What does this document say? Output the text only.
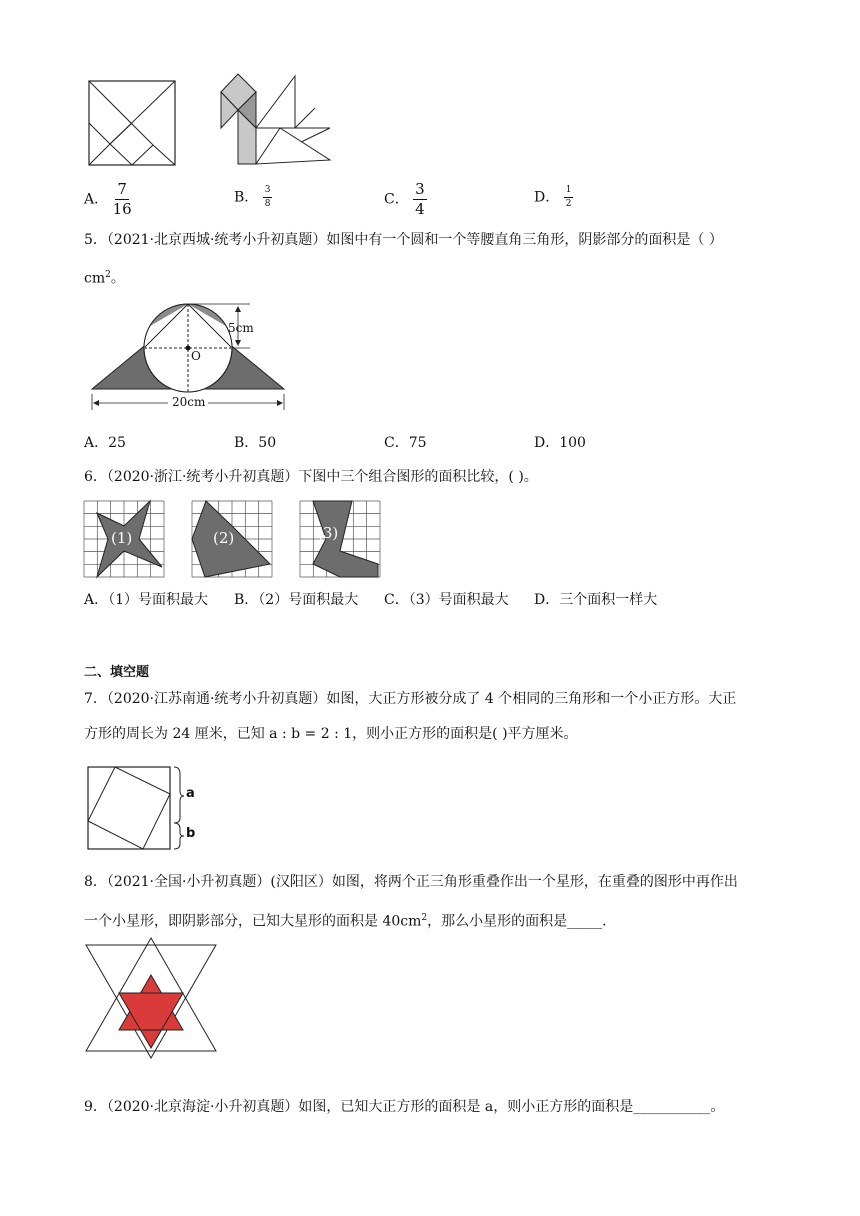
A． $\frac{7}{16}$	B． $\frac{3}{8}$	C． $\frac{3}{4}$	D． $\frac{1}{2}$
5．（2021·北京西城·统考小升初真题）如图中有一个圆和一个等腰直角三角形，阴影部分的面积是（ ）
$cm^2$。
5cm
O
20cm
A．25	B．50	C．75	D．100
6．（2020·浙江·统考小升初真题）下图中三个组合图形的面积比较，( )。
(1)	(2)	(3)
A．（1）号面积最大 B．（2）号面积最大 C．（3）号面积最大 D．三个面积一样大
二、填空题
7．（2020·江苏南通·统考小升初真题）如图，大正方形被分成了 4 个相同的三角形和一个小正方形。大正
方形的周长为 24 厘米，已知 a : b = 2 : 1，则小正方形的面积是( )平方厘米。
a
b
8．（2021·全国·小升初真题）(汉阳区）如图，将两个正三角形重叠作出一个星形，在重叠的图形中再作出
一个小星形，即阴影部分，已知大星形的面积是 $40cm^2$，那么小星形的面积是_____.
9．（2020·北京海淀·小升初真题）如图，已知大正方形的面积是 a，则小正方形的面积是___________。
